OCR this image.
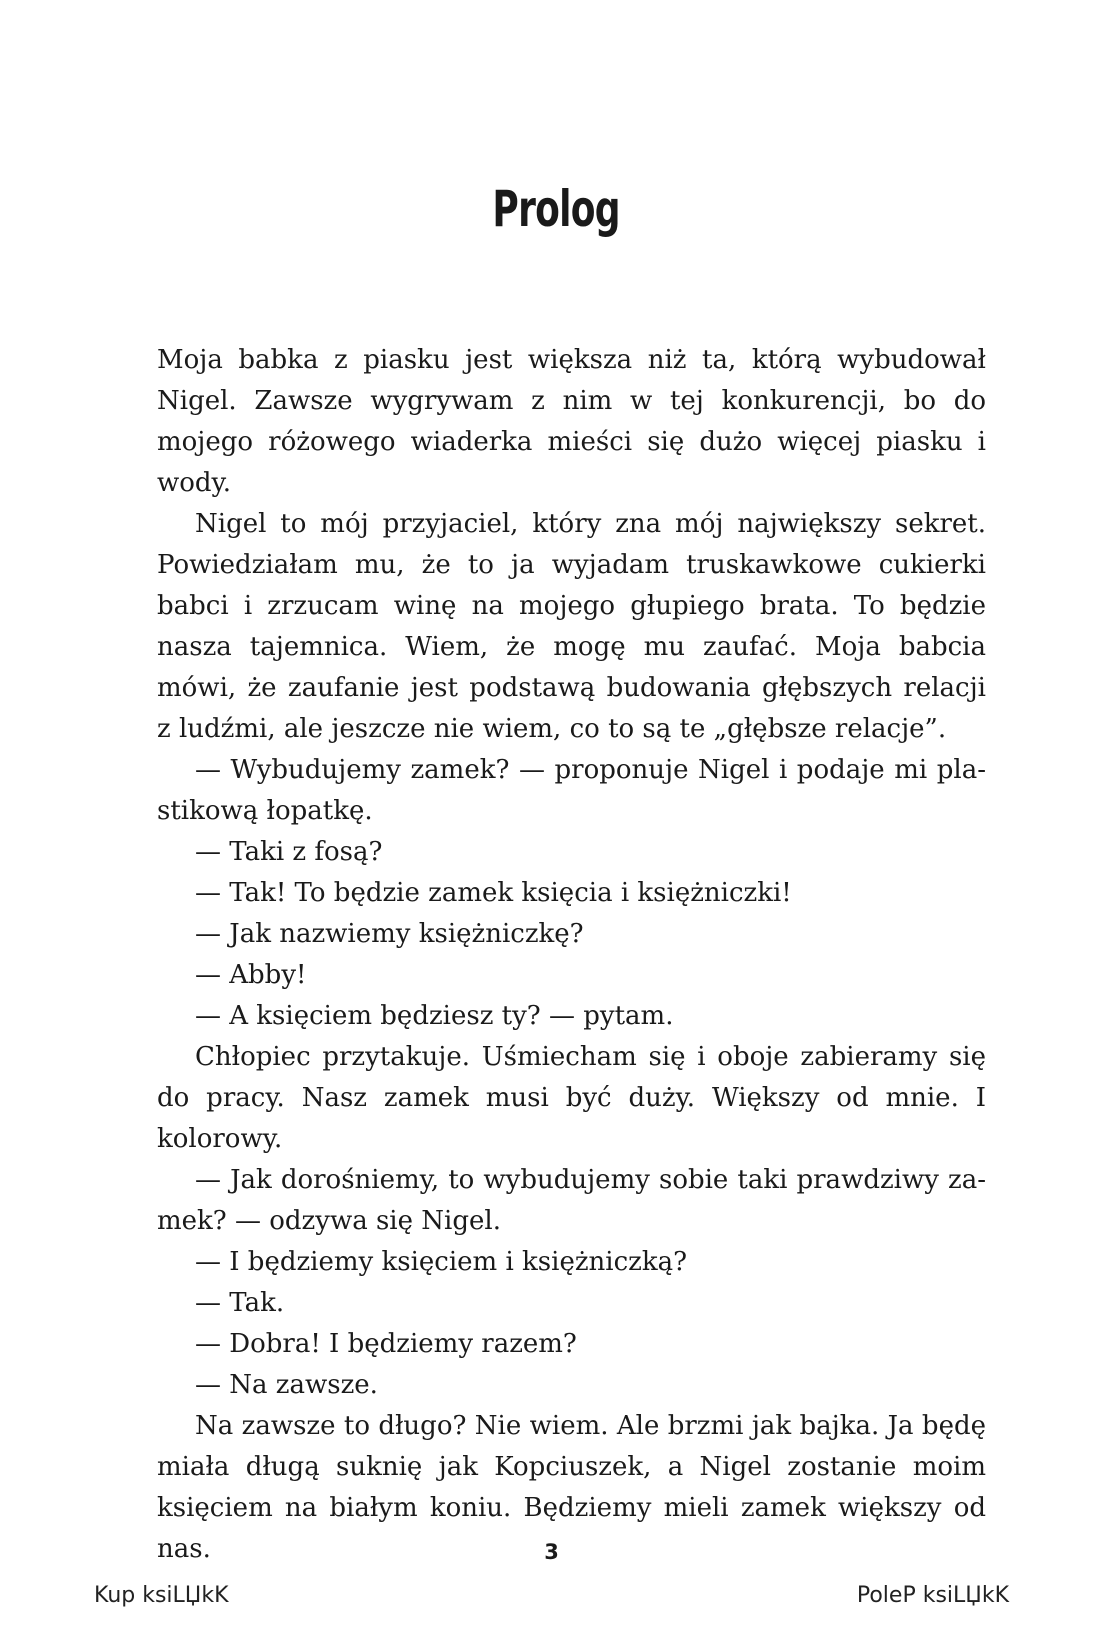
Prolog

Moja babka z piasku jest większa niż ta, którą wybudował Nigel. Zawsze wygrywam z nim w tej konkurencji, bo do mojego różowego wiaderka mieści się dużo więcej piasku i wody.

Nigel to mój przyjaciel, który zna mój największy sekret. Powiedziałam mu, że to ja wyjadam truskawkowe cukierki babci i zrzucam winę na mojego głupiego brata. To będzie nasza tajemnica. Wiem, że mogę mu zaufać. Moja babcia mówi, że zaufanie jest podstawą budowania głębszych relacji z ludźmi, ale jeszcze nie wiem, co to są te „głębsze relacje”.

— Wybudujemy zamek? — proponuje Nigel i podaje mi plastikową łopatkę.

— Taki z fosą?

— Tak! To będzie zamek księcia i księżniczki!

— Jak nazwiemy księżniczkę?

— Abby!

— A księciem będziesz ty? — pytam.

Chłopiec przytakuje. Uśmiecham się i oboje zabieramy się do pracy. Nasz zamek musi być duży. Większy od mnie. I kolorowy.

— Jak dorośniemy, to wybudujemy sobie taki prawdziwy zamek? — odzywa się Nigel.

— I będziemy księciem i księżniczką?

— Tak.

— Dobra! I będziemy razem?

— Na zawsze.

Na zawsze to długo? Nie wiem. Ale brzmi jak bajka. Ja będę miała długą suknię jak Kopciuszek, a Nigel zostanie moim księciem na białym koniu. Będziemy mieli zamek większy od nas.	3
Kup ksiLЏkK	PoleP ksiLЏkK
